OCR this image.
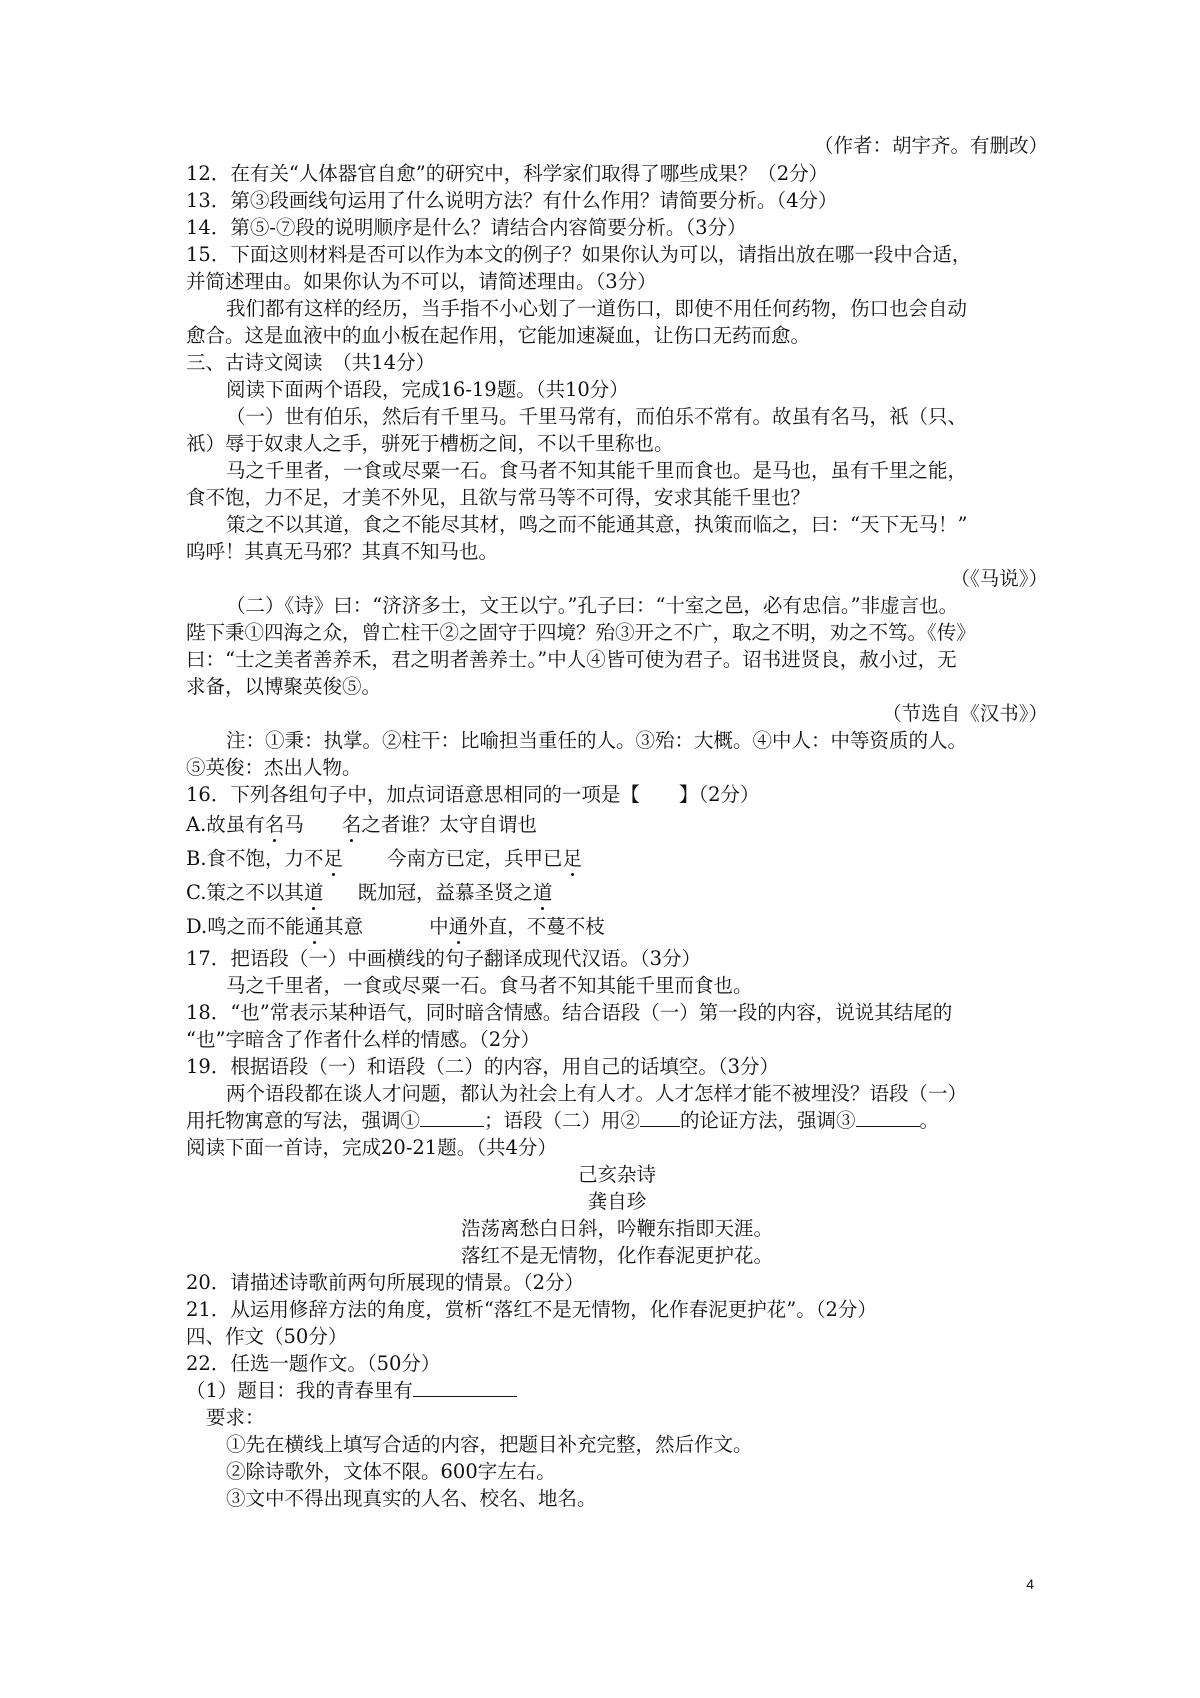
（作者：胡宇齐。有删改）
12．在有关“人体器官自愈”的研究中，科学家们取得了哪些成果？（2分）
13．第③段画线句运用了什么说明方法？有什么作用？请简要分析。（4分）
14．第⑤-⑦段的说明顺序是什么？请结合内容简要分析。（3分）
15．下面这则材料是否可以作为本文的例子？如果你认为可以，请指出放在哪一段中合适，
并简述理由。如果你认为不可以，请简述理由。（3分）
我们都有这样的经历，当手指不小心划了一道伤口，即使不用任何药物，伤口也会自动
愈合。这是血液中的血小板在起作用，它能加速凝血，让伤口无药而愈。
三、古诗文阅读　（共14分）
阅读下面两个语段，完成16-19题。（共10分）
（一）世有伯乐，然后有千里马。千里马常有，而伯乐不常有。故虽有名马，祇（只、
祇）辱于奴隶人之手，骈死于槽枥之间，不以千里称也。
马之千里者，一食或尽粟一石。食马者不知其能千里而食也。是马也，虽有千里之能，
食不饱，力不足，才美不外见，且欲与常马等不可得，安求其能千里也？
策之不以其道，食之不能尽其材，鸣之而不能通其意，执策而临之，曰：“天下无马！”
呜呼！其真无马邪？其真不知马也。
（《马说》）
（二）《诗》曰：“济济多士，文王以宁。”孔子曰：“十室之邑，必有忠信。”非虚言也。
陛下秉①四海之众，曾亡柱干②之固守于四境？殆③开之不广，取之不明，劝之不笃。《传》
曰：“士之美者善养禾，君之明者善养士。”中人④皆可使为君子。诏书进贤良，赦小过，无
求备，以博聚英俊⑤。
（节选自《汉书》）
注：①秉：执掌。②柱干：比喻担当重任的人。③殆：大概。④中人：中等资质的人。
⑤英俊：杰出人物。
16．下列各组句子中，加点词语意思相同的一项是【　　】（2分）
A.故虽有名马 名之者谁？太守自谓也
B.食不饱，力不足 今南方已定，兵甲已足
C.策之不以其道 既加冠，益慕圣贤之道
D.鸣之而不能通其意	中通外直，不蔓不枝
17．把语段（一）中画横线的句子翻译成现代汉语。（3分）
马之千里者，一食或尽粟一石。食马者不知其能千里而食也。
18．“也”常表示某种语气，同时暗含情感。结合语段（一）第一段的内容，说说其结尾的
“也”字暗含了作者什么样的情感。（2分）
19．根据语段（一）和语段（二）的内容，用自己的话填空。（3分）
两个语段都在谈人才问题，都认为社会上有人才。人才怎样才能不被埋没？语段（一）
用托物寓意的写法，强调①	；语段（二）用② 的论证方法，强调③	。
阅读下面一首诗，完成20-21题。（共4分）
己亥杂诗
龚自珍
浩荡离愁白日斜，吟鞭东指即天涯。
落红不是无情物，化作春泥更护花。
20．请描述诗歌前两句所展现的情景。（2分）
21．从运用修辞方法的角度，赏析“落红不是无情物，化作春泥更护花”。（2分）
四、作文（50分）
22．任选一题作文。（50分）
（1）题目：我的青春里有
要求：
①先在横线上填写合适的内容，把题目补充完整，然后作文。
②除诗歌外，文体不限。600字左右。
③文中不得出现真实的人名、校名、地名。
4
